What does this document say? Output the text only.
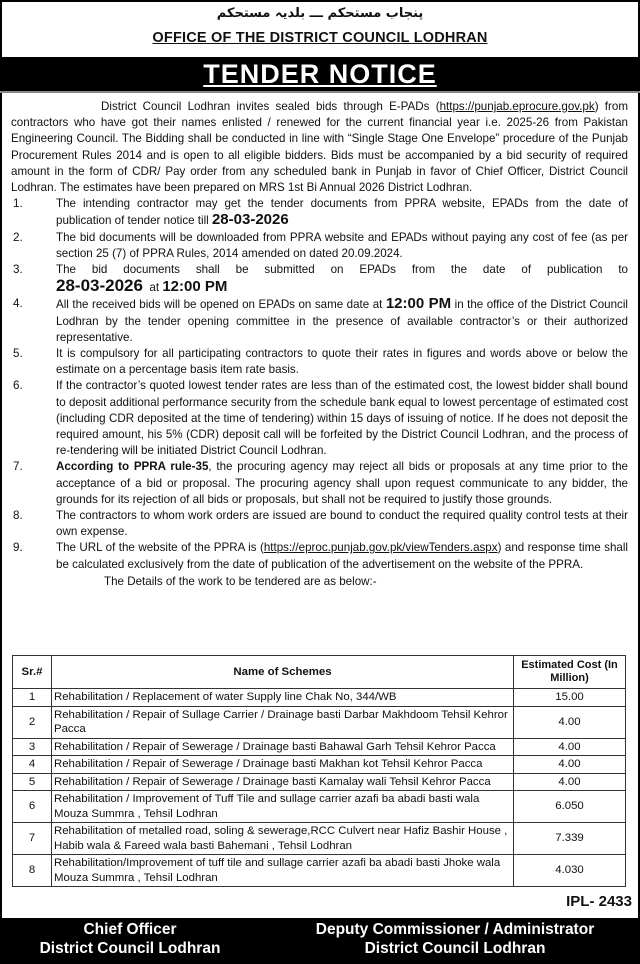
پنجاب مستحکم ـــ بلدیہ مستحکم
OFFICE OF THE DISTRICT COUNCIL LODHRAN
TENDER NOTICE

District Council Lodhran invites sealed bids through E-PADs (https://punjab.eprocure.gov.pk) from contractors who have got their names enlisted / renewed for the current financial year i.e. 2025-26 from Pakistan Engineering Council. The Bidding shall be conducted in line with “Single Stage One Envelope” procedure of the Punjab Procurement Rules 2014 and is open to all eligible bidders. Bids must be accompanied by a bid security of required amount in the form of CDR/ Pay order from any scheduled bank in Punjab in favor of Chief Officer, District Council Lodhran. The estimates have been prepared on MRS 1st Bi Annual 2026 District Lodhran.

1.	The intending contractor may get the tender documents from PPRA website, EPADs from the date of publication of tender notice till 28-03-2026
2.	The bid documents will be downloaded from PPRA website and EPADs without paying any cost of fee (as per section 25 (7) of PPRA Rules, 2014 amended on dated 20.09.2024.
3.	The bid documents shall be submitted on EPADs from the date of publication to
28-03-2026 at 12:00 PM
4.	All the received bids will be opened on EPADs on same date at 12:00 PM in the office of the District Council Lodhran by the tender opening committee in the presence of available contractor’s or their authorized representative.
5.	It is compulsory for all participating contractors to quote their rates in figures and words above or below the estimate on a percentage basis item rate basis.
6.	If the contractor’s quoted lowest tender rates are less than of the estimated cost, the lowest bidder shall bound to deposit additional performance security from the schedule bank equal to lowest percentage of estimated cost (including CDR deposited at the time of tendering) within 15 days of issuing of notice. If he does not deposit the required amount, his 5% (CDR) deposit call will be forfeited by the District Council Lodhran, and the process of re-tendering will be initiated District Council Lodhran.
7.	According to PPRA rule-35, the procuring agency may reject all bids or proposals at any time prior to the acceptance of a bid or proposal. The procuring agency shall upon request communicate to any bidder, the grounds for its rejection of all bids or proposals, but shall not be required to justify those grounds.
8.	The contractors to whom work orders are issued are bound to conduct the required quality control tests at their own expense.
9.	The URL of the website of the PPRA is (https://eproc.punjab.gov.pk/viewTenders.aspx) and response time shall be calculated exclusively from the date of publication of the advertisement on the website of the PPRA.

The Details of the work to be tendered are as below:-

Sr.#	Name of Schemes	Estimated Cost (In Million)
1	Rehabilitation / Replacement of water Supply line Chak No, 344/WB	15.00
2	Rehabilitation / Repair of Sullage Carrier / Drainage basti Darbar Makhdoom Tehsil Kehror Pacca	4.00
3	Rehabilitation / Repair of Sewerage / Drainage basti Bahawal Garh Tehsil Kehror Pacca	4.00
4	Rehabilitation / Repair of Sewerage / Drainage basti Makhan kot Tehsil Kehror Pacca	4.00
5	Rehabilitation / Repair of Sewerage / Drainage basti Kamalay wali Tehsil Kehror Pacca	4.00
6	Rehabilitation / Improvement of Tuff Tile and sullage carrier azafi ba abadi basti wala Mouza Summra , Tehsil Lodhran	6.050
7	Rehabilitation of metalled road, soling & sewerage,RCC Culvert near Hafiz Bashir House , Habib wala & Fareed wala basti Bahemani , Tehsil Lodhran	7.339
8	Rehabilitation/Improvement of tuff tile and sullage carrier azafi ba abadi basti Jhoke wala Mouza Summra , Tehsil Lodhran	4.030
IPL- 2433
Chief Officer
District Council Lodhran
Deputy Commissioner / Administrator
District Council Lodhran
